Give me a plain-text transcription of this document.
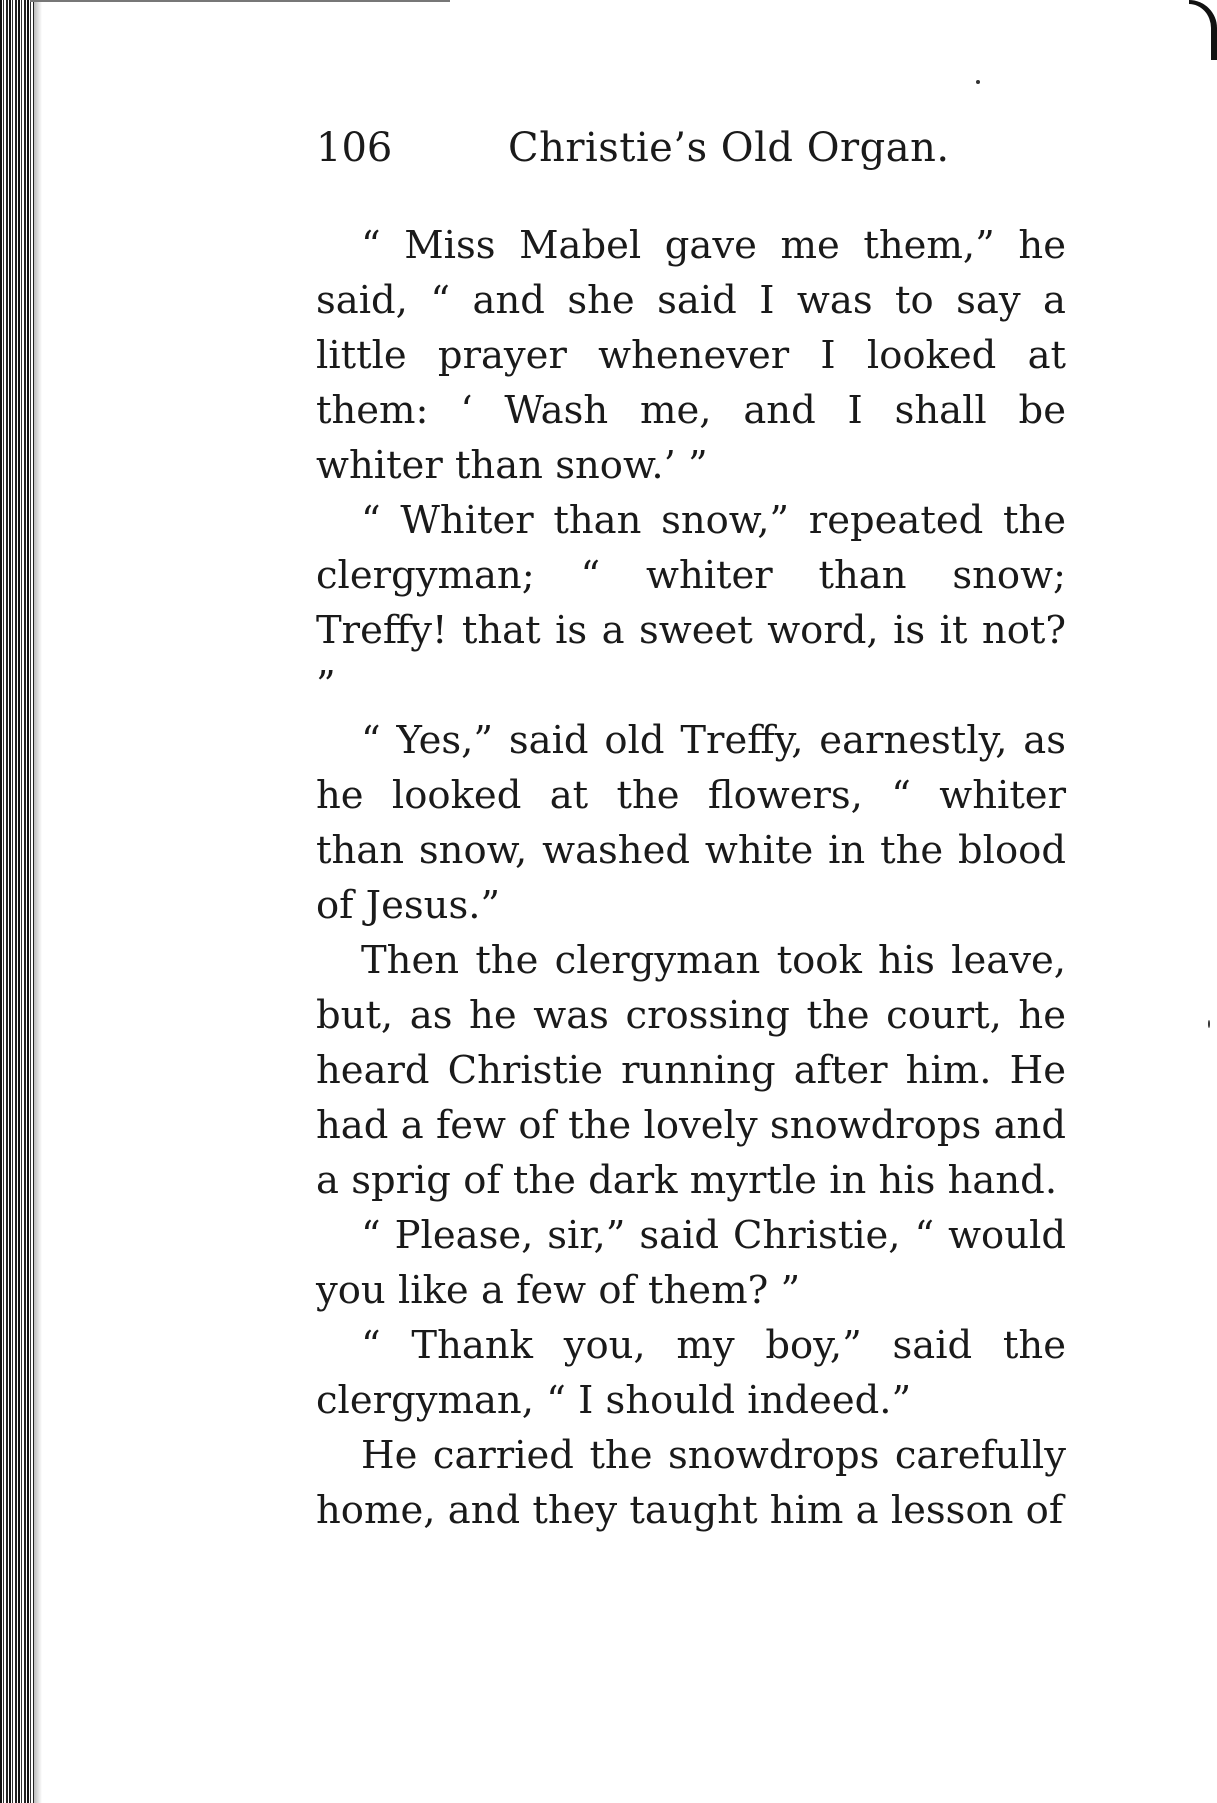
106	Christie’s Old Organ.

“ Miss Mabel gave me them,” he said, “ and she said I was to say a little prayer whenever I looked at them: ‘ Wash me, and I shall be whiter than snow.’ ”

“ Whiter than snow,” repeated the clergyman; “ whiter than snow; Treffy! that is a sweet word, is it not? ”

“ Yes,” said old Treffy, earnestly, as he looked at the flowers, “ whiter than snow, washed white in the blood of Jesus.”

Then the clergyman took his leave, but, as he was crossing the court, he heard Christie running after him. He had a few of the lovely snowdrops and a sprig of the dark myrtle in his hand.

“ Please, sir,” said Christie, “ would you like a few of them? ”

“ Thank you, my boy,” said the clergyman, “ I should indeed.”

He carried the snowdrops carefully home, and they taught him a lesson of
